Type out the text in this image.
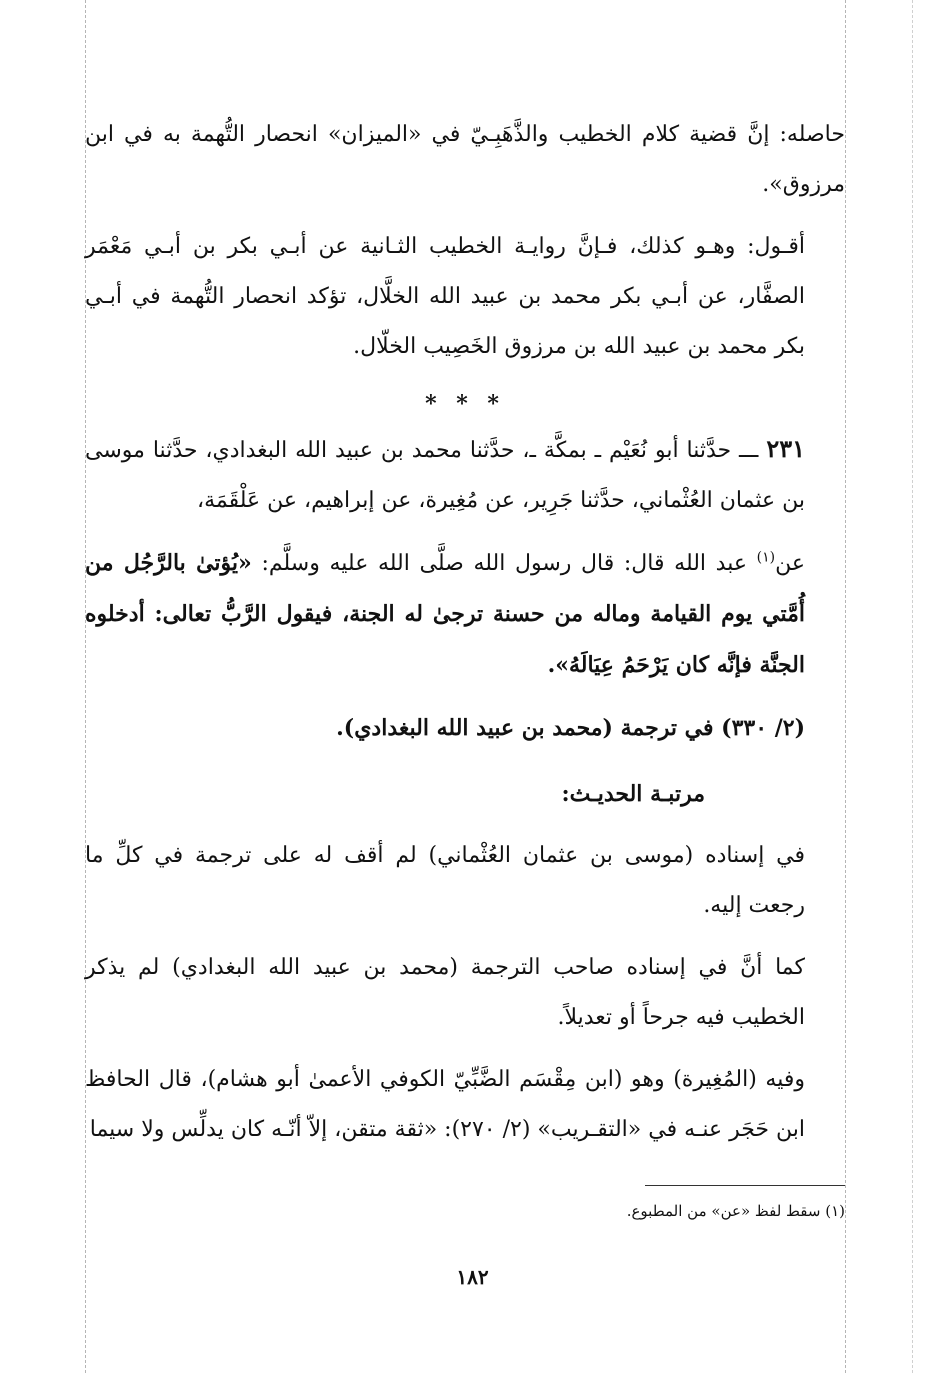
حاصله: إنَّ قضية كلام الخطيب والذَّهَبِـيّ في «الميزان» انحصار التُّهمة به في ابن مرزوق».

أقـول: وهـو كذلك، فـإنَّ روايـة الخطيب الثـانية عن أبـي بكر بن أبـي مَعْمَر الصفَّار، عن أبـي بكر محمد بن عبيد الله الخلَّال، تؤكد انحصار التُّهمة في أبـي بكر محمد بن عبيد الله بن مرزوق الخَصِيب الخلّال.

* * *

٢٣١ ـــ حدَّثنا أبو نُعَيْم ـ بمكَّة ـ، حدَّثنا محمد بن عبيد الله البغدادي، حدَّثنا موسى بن عثمان العُثْماني، حدَّثنا جَرِير، عن مُغِيرة، عن إبراهيم، عن عَلْقَمَة،

عن$^{(١)}$ عبد الله قال: قال رسول الله صلَّى الله عليه وسلَّم: «يُؤتىٰ بالرَّجُل من أُمَّتي يوم القيامة وماله من حسنة ترجىٰ له الجنة، فيقول الرَّبُّ تعالى: أدخلوه الجنَّة فإنَّه كان يَرْحَمُ عِيَالَهُ».

(٢/ ٣٣٠) في ترجمة (محمد بن عبيد الله البغدادي).

مرتبـة الحديـث:

في إسناده (موسى بن عثمان العُثْماني) لم أقف له على ترجمة في كلِّ ما رجعت إليه.

كما أنَّ في إسناده صاحب الترجمة (محمد بن عبيد الله البغدادي) لم يذكر الخطيب فيه جرحاً أو تعديلاً.

وفيه (المُغِيرة) وهو (ابن مِقْسَم الضَّبِّيّ الكوفي الأعمىٰ أبو هشام)، قال الحافظ ابن حَجَر عنـه في «التقـريب» (٢/ ٢٧٠): «ثقة متقن، إلاّ أنّـه كان يدلِّس ولا سيما

(١) سقط لفظ «عن» من المطبوع.
١٨٢
